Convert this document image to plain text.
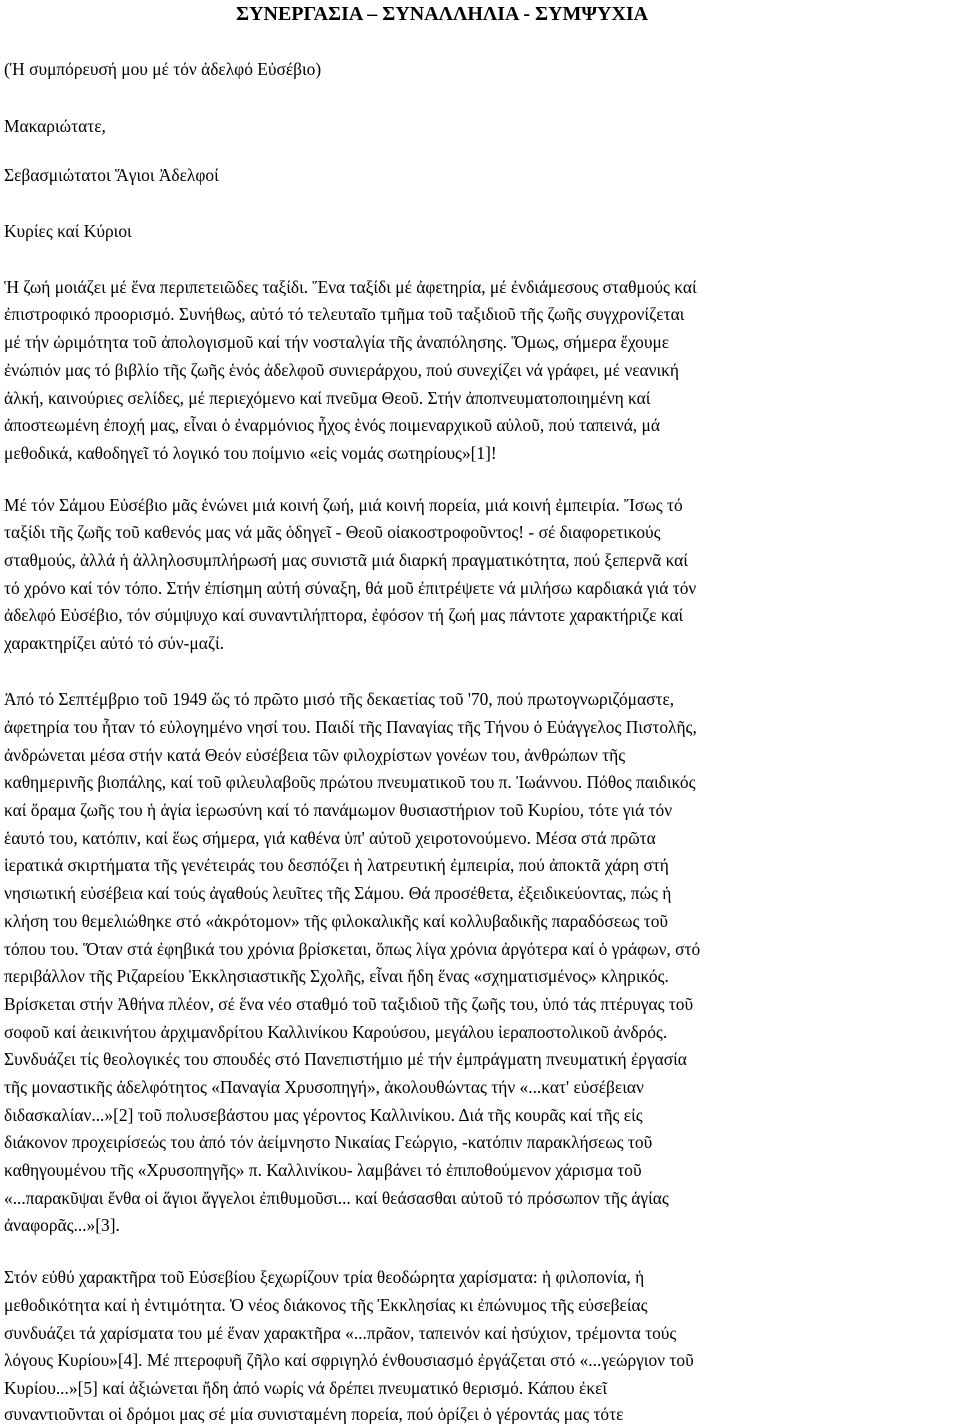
ΣΥΝΕΡΓΑΣΙΑ – ΣΥΝΑΛΛΗΛΙΑ - ΣΥΜΨΥΧΙΑ
(Ἡ συμπόρευσή μου μέ τόν ἀδελφό Εὐσέβιο)
Μακαριώτατε,
Σεβασμιώτατοι Ἅγιοι Ἀδελφοί
Κυρίες καί Κύριοι
Ἡ ζωή μοιάζει μέ ἕνα περιπετειῶδες ταξίδι. Ἕνα ταξίδι μέ ἀφετηρία, μέ ἐνδιάμεσους σταθμούς καί
ἐπιστροφικό προορισμό. Συνήθως, αὐτό τό τελευταῖο τμῆμα τοῦ ταξιδιοῦ τῆς ζωῆς συγχρονίζεται
μέ τήν ὡριμότητα τοῦ ἀπολογισμοῦ καί τήν νοσταλγία τῆς ἀναπόλησης. Ὅμως, σήμερα ἔχουμε
ἐνώπιόν μας τό βιβλίο τῆς ζωῆς ἑνός ἀδελφοῦ συνιεράρχου, πού συνεχίζει νά γράφει, μέ νεανική
ἀλκή, καινούριες σελίδες, μέ περιεχόμενο καί πνεῦμα Θεοῦ. Στήν ἀποπνευματοποιημένη καί
ἀποστεωμένη ἐποχή μας, εἶναι ὁ ἐναρμόνιος ἦχος ἑνός ποιμεναρχικοῦ αὐλοῦ, πού ταπεινά, μά
μεθοδικά, καθοδηγεῖ τό λογικό του ποίμνιο «εἰς νομάς σωτηρίους»[1]!
Μέ τόν Σάμου Εὐσέβιο μᾶς ἑνώνει μιά κοινή ζωή, μιά κοινή πορεία, μιά κοινή ἐμπειρία. Ἴσως τό
ταξίδι τῆς ζωῆς τοῦ καθενός μας νά μᾶς ὁδηγεῖ - Θεοῦ οἰακοστροφοῦντος! - σέ διαφορετικούς
σταθμούς, ἀλλά ἡ ἀλληλοσυμπλήρωσή μας συνιστᾶ μιά διαρκή πραγματικότητα, πού ξεπερνᾶ καί
τό χρόνο καί τόν τόπο. Στήν ἐπίσημη αὐτή σύναξη, θά μοῦ ἐπιτρέψετε νά μιλήσω καρδιακά γιά τόν
ἀδελφό Εὐσέβιο, τόν σύμψυχο καί συναντιλήπτορα, ἐφόσον τή ζωή μας πάντοτε χαρακτήριζε καί
χαρακτηρίζει αὐτό τό σύν-μαζί.
Ἀπό τό Σεπτέμβριο τοῦ 1949 ὥς τό πρῶτο μισό τῆς δεκαετίας τοῦ '70, πού πρωτογνωριζόμαστε,
ἀφετηρία του ἦταν τό εὐλογημένο νησί του. Παιδί τῆς Παναγίας τῆς Τήνου ὁ Εὐάγγελος Πιστολῆς,
ἀνδρώνεται μέσα στήν κατά Θεόν εὐσέβεια τῶν φιλοχρίστων γονέων του, ἀνθρώπων τῆς
καθημερινῆς βιοπάλης, καί τοῦ φιλευλαβοῦς πρώτου πνευματικοῦ του π. Ἰωάννου. Πόθος παιδικός
καί ὅραμα ζωῆς του ἡ ἁγία ἱερωσύνη καί τό πανάμωμον θυσιαστήριον τοῦ Κυρίου, τότε γιά τόν
ἑαυτό του, κατόπιν, καί ἕως σήμερα, γιά καθένα ὑπ' αὐτοῦ χειροτονούμενο. Μέσα στά πρῶτα
ἱερατικά σκιρτήματα τῆς γενέτειράς του δεσπόζει ἡ λατρευτική ἐμπειρία, πού ἀποκτᾶ χάρη στή
νησιωτική εὐσέβεια καί τούς ἀγαθούς λευῖτες τῆς Σάμου. Θά προσέθετα, ἐξειδικεύοντας, πώς ἡ
κλήση του θεμελιώθηκε στό «ἀκρότομον» τῆς φιλοκαλικῆς καί κολλυβαδικῆς παραδόσεως τοῦ
τόπου του. Ὅταν στά ἐφηβικά του χρόνια βρίσκεται, ὅπως λίγα χρόνια ἀργότερα καί ὁ γράφων, στό
περιβάλλον τῆς Ριζαρείου Ἐκκλησιαστικῆς Σχολῆς, εἶναι ἤδη ἕνας «σχηματισμένος» κληρικός.
Βρίσκεται στήν Ἀθήνα πλέον, σέ ἕνα νέο σταθμό τοῦ ταξιδιοῦ τῆς ζωῆς του, ὑπό τάς πτέρυγας τοῦ
σοφοῦ καί ἀεικινήτου ἀρχιμανδρίτου Καλλινίκου Καρούσου, μεγάλου ἱεραποστολικοῦ ἀνδρός.
Συνδυάζει τίς θεολογικές του σπουδές στό Πανεπιστήμιο μέ τήν ἐμπράγματη πνευματική ἐργασία
τῆς μοναστικῆς ἀδελφότητος «Παναγία Χρυσοπηγή», ἀκολουθώντας τήν «...κατ' εὐσέβειαν
διδασκαλίαν...»[2] τοῦ πολυσεβάστου μας γέροντος Καλλινίκου. Διά τῆς κουρᾶς καί τῆς εἰς
διάκονον προχειρίσεώς του ἀπό τόν ἀείμνηστο Νικαίας Γεώργιο, -κατόπιν παρακλήσεως τοῦ
καθηγουμένου τῆς «Χρυσοπηγῆς» π. Καλλινίκου- λαμβάνει τό ἐπιποθούμενον χάρισμα τοῦ
«...παρακῦψαι ἔνθα οἱ ἅγιοι ἄγγελοι ἐπιθυμοῦσι... καί θεάσασθαι αὐτοῦ τό πρόσωπον τῆς ἁγίας
ἀναφορᾶς...»[3].
Στόν εὐθύ χαρακτῆρα τοῦ Εὐσεβίου ξεχωρίζουν τρία θεοδώρητα χαρίσματα: ἡ φιλοπονία, ἡ
μεθοδικότητα καί ἡ ἐντιμότητα. Ὁ νέος διάκονος τῆς Ἐκκλησίας κι ἐπώνυμος τῆς εὐσεβείας
συνδυάζει τά χαρίσματα του μέ ἕναν χαρακτῆρα «...πρᾶον, ταπεινόν καί ἡσύχιον, τρέμοντα τούς
λόγους Κυρίου»[4]. Μέ πτεροφυῆ ζῆλο καί σφριγηλό ἐνθουσιασμό ἐργάζεται στό «...γεώργιον τοῦ
Κυρίου...»[5] καί ἀξιώνεται ἤδη ἀπό νωρίς νά δρέπει πνευματικό θερισμό. Κάπου ἐκεῖ
συναντιοῦνται οἱ δρόμοι μας σέ μία συνισταμένη πορεία, πού ὁρίζει ὁ γέροντάς μας τότε
